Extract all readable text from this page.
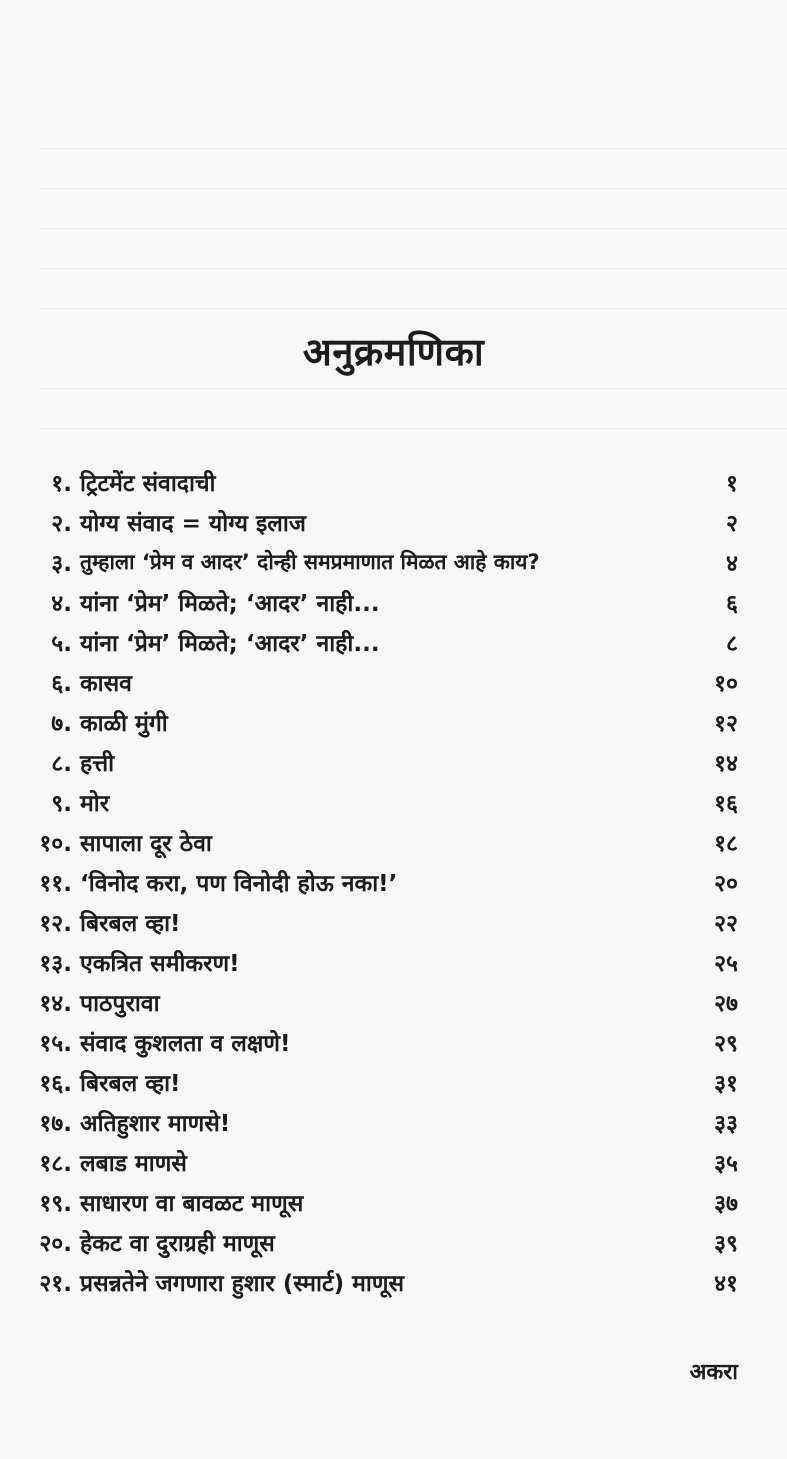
अनुक्रमणिका
१. ट्रिटमेंट संवादाची	१
२. योग्य संवाद = योग्य इलाज	२
३. तुम्हाला ‘प्रेम व आदर’ दोन्ही समप्रमाणात मिळत आहे काय?	४
४. यांना ‘प्रेम’ मिळते; ‘आदर’ नाही...	६
५. यांना ‘प्रेम’ मिळते; ‘आदर’ नाही...	८
६. कासव	१०
७. काळी मुंगी	१२
८. हत्ती	१४
९. मोर	१६
१०. सापाला दूर ठेवा	१८
११. ‘विनोद करा, पण विनोदी होऊ नका!’	२०
१२. बिरबल व्हा!	२२
१३. एकत्रित समीकरण!	२५
१४. पाठपुरावा	२७
१५. संवाद कुशलता व लक्षणे!	२९
१६. बिरबल व्हा!	३१
१७. अतिहुशार माणसे!	३३
१८. लबाड माणसे	३५
१९. साधारण वा बावळट माणूस	३७
२०. हेकट वा दुराग्रही माणूस	३९
२१. प्रसन्नतेने जगणारा हुशार (स्मार्ट) माणूस	४१
अकरा
